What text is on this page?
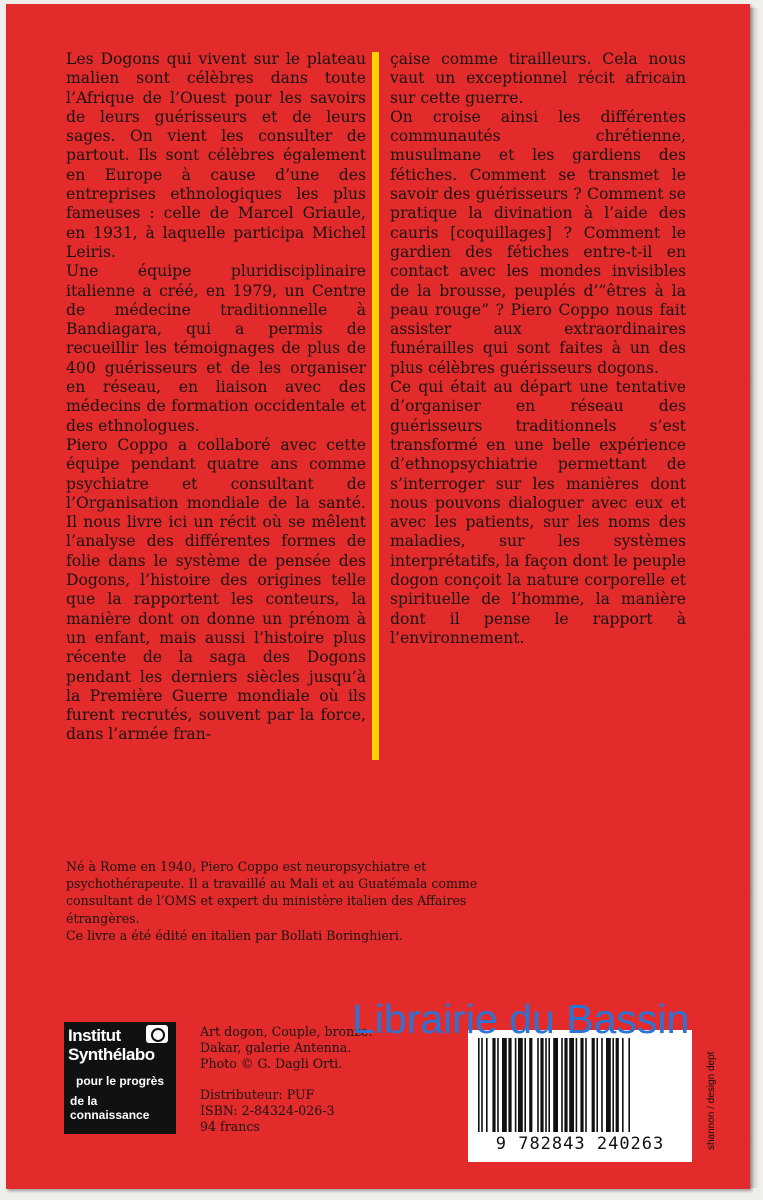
Les Dogons qui vivent sur le plateau malien sont célèbres dans toute l’Afrique de l’Ouest pour les savoirs de leurs guérisseurs et de leurs sages. On vient les consulter de partout. Ils sont célèbres également en Europe à cause d’une des entreprises ethnologiques les plus fameuses : celle de Marcel Griaule, en 1931, à laquelle participa Michel Leiris.

Une équipe pluridisciplinaire italienne a créé, en 1979, un Centre de médecine traditionnelle à Bandiagara, qui a permis de recueillir les témoignages de plus de 400 guérisseurs et de les organiser en réseau, en liaison avec des médecins de formation occidentale et des ethnologues.

Piero Coppo a collaboré avec cette équipe pendant quatre ans comme psychiatre et consultant de l’Organisation mondiale de la santé. Il nous livre ici un récit où se mêlent l’analyse des différentes formes de folie dans le système de pensée des Dogons, l’histoire des origines telle que la rapportent les conteurs, la manière dont on donne un prénom à un enfant, mais aussi l’histoire plus récente de la saga des Dogons pendant les derniers siècles jusqu’à la Première Guerre mondiale où ils furent recrutés, souvent par la force, dans l’armée fran-

çaise comme tirailleurs. Cela nous vaut un exceptionnel récit africain sur cette guerre.

On croise ainsi les différentes communautés chrétienne, musulmane et les gardiens des fétiches. Comment se transmet le savoir des guérisseurs ? Comment se pratique la divination à l’aide des cauris [coquillages] ? Comment le gardien des fétiches entre-t-il en contact avec les mondes invisibles de la brousse, peuplés d’”êtres à la peau rouge” ? Piero Coppo nous fait assister aux extraordinaires funérailles qui sont faites à un des plus célèbres guérisseurs dogons.

Ce qui était au départ une tentative d’organiser en réseau des guérisseurs traditionnels s’est transformé en une belle expérience d’ethnopsychiatrie permettant de s’interroger sur les manières dont nous pouvons dialoguer avec eux et avec les patients, sur les noms des maladies, sur les systèmes interprétatifs, la façon dont le peuple dogon conçoit la nature corporelle et spirituelle de l’homme, la manière dont il pense le rapport à l’environnement.

Né à Rome en 1940, Piero Coppo est neuropsychiatre et psychothérapeute. Il a travaillé au Mali et au Guatémala comme consultant de l’OMS et expert du ministère italien des Affaires étrangères.

Ce livre a été édité en italien par Bollati Boringhieri.

Institut
Synthélabo
pour le progrès
de la connaissance

Art dogon, Couple, bronze.

Dakar, galerie Antenna.

Photo © G. Dagli Orti.

Distributeur: PUF

ISBN: 2-84324-026-3

94 francs

9 782843 240263
Librairie du Bassin
shannon / design dept
